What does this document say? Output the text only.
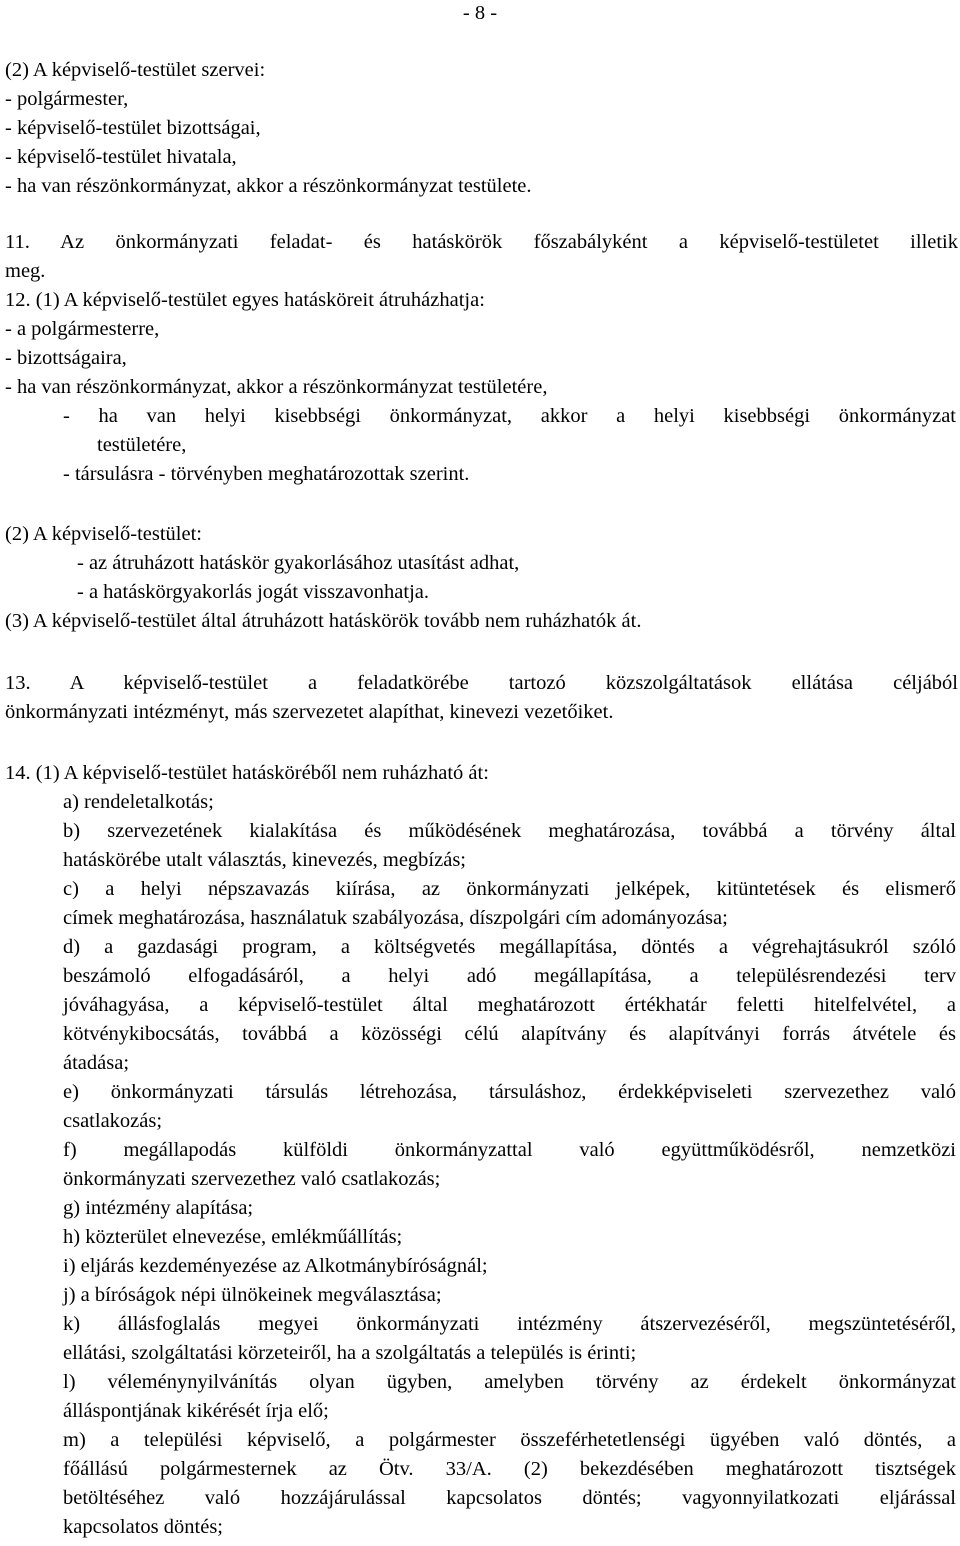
- 8 -
(2) A képviselő-testület szervei:
- polgármester,
- képviselő-testület bizottságai,
- képviselő-testület hivatala,
- ha van részönkormányzat, akkor a részönkormányzat testülete.
11. Az önkormányzati feladat- és hatáskörök főszabályként a képviselő-testületet illetik
meg.
12. (1) A képviselő-testület egyes hatásköreit átruházhatja:
- a polgármesterre,
- bizottságaira,
- ha van részönkormányzat, akkor a részönkormányzat testületére,
- ha van helyi kisebbségi önkormányzat, akkor a helyi kisebbségi önkormányzat
testületére,
- társulásra - törvényben meghatározottak szerint.
(2) A képviselő-testület:
- az átruházott hatáskör gyakorlásához utasítást adhat,
- a hatáskörgyakorlás jogát visszavonhatja.
(3) A képviselő-testület által átruházott hatáskörök tovább nem ruházhatók át.
13. A képviselő-testület a feladatkörébe tartozó közszolgáltatások ellátása céljából
önkormányzati intézményt, más szervezetet alapíthat, kinevezi vezetőiket.
14. (1) A képviselő-testület hatásköréből nem ruházható át:
a) rendeletalkotás;
b) szervezetének kialakítása és működésének meghatározása, továbbá a törvény által
hatáskörébe utalt választás, kinevezés, megbízás;
c) a helyi népszavazás kiírása, az önkormányzati jelképek, kitüntetések és elismerő
címek meghatározása, használatuk szabályozása, díszpolgári cím adományozása;
d) a gazdasági program, a költségvetés megállapítása, döntés a végrehajtásukról szóló
beszámoló elfogadásáról, a helyi adó megállapítása, a településrendezési terv
jóváhagyása, a képviselő-testület által meghatározott értékhatár feletti hitelfelvétel, a
kötvénykibocsátás, továbbá a közösségi célú alapítvány és alapítványi forrás átvétele és
átadása;
e) önkormányzati társulás létrehozása, társuláshoz, érdekképviseleti szervezethez való
csatlakozás;
f) megállapodás külföldi önkormányzattal való együttműködésről, nemzetközi
önkormányzati szervezethez való csatlakozás;
g) intézmény alapítása;
h) közterület elnevezése, emlékműállítás;
i) eljárás kezdeményezése az Alkotmánybíróságnál;
j) a bíróságok népi ülnökeinek megválasztása;
k) állásfoglalás megyei önkormányzati intézmény átszervezéséről, megszüntetéséről,
ellátási, szolgáltatási körzeteiről, ha a szolgáltatás a település is érinti;
l) véleménynyilvánítás olyan ügyben, amelyben törvény az érdekelt önkormányzat
álláspontjának kikérését írja elő;
m) a települési képviselő, a polgármester összeférhetetlenségi ügyében való döntés, a
főállású polgármesternek az Ötv. 33/A. (2) bekezdésében meghatározott tisztségek
betöltéséhez való hozzájárulással kapcsolatos döntés; vagyonnyilatkozati eljárással
kapcsolatos döntés;
